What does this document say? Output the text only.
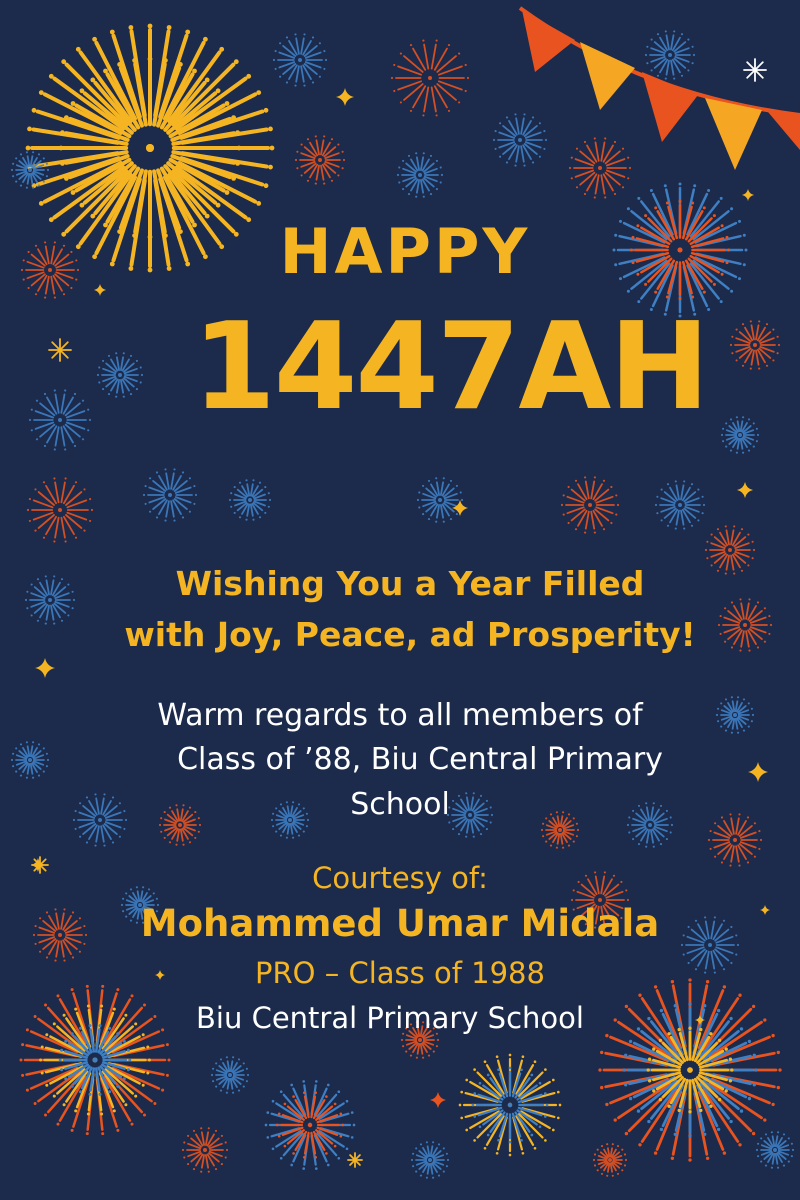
HAPPY
1447AH
Wishing You a Year Filled
with Joy, Peace, ad Prosperity!
Warm regards to all members of
Class of ’88, Biu Central Primary
School
Courtesy of:
Mohammed Umar Midala
PRO – Class of 1988
Biu Central Primary School
